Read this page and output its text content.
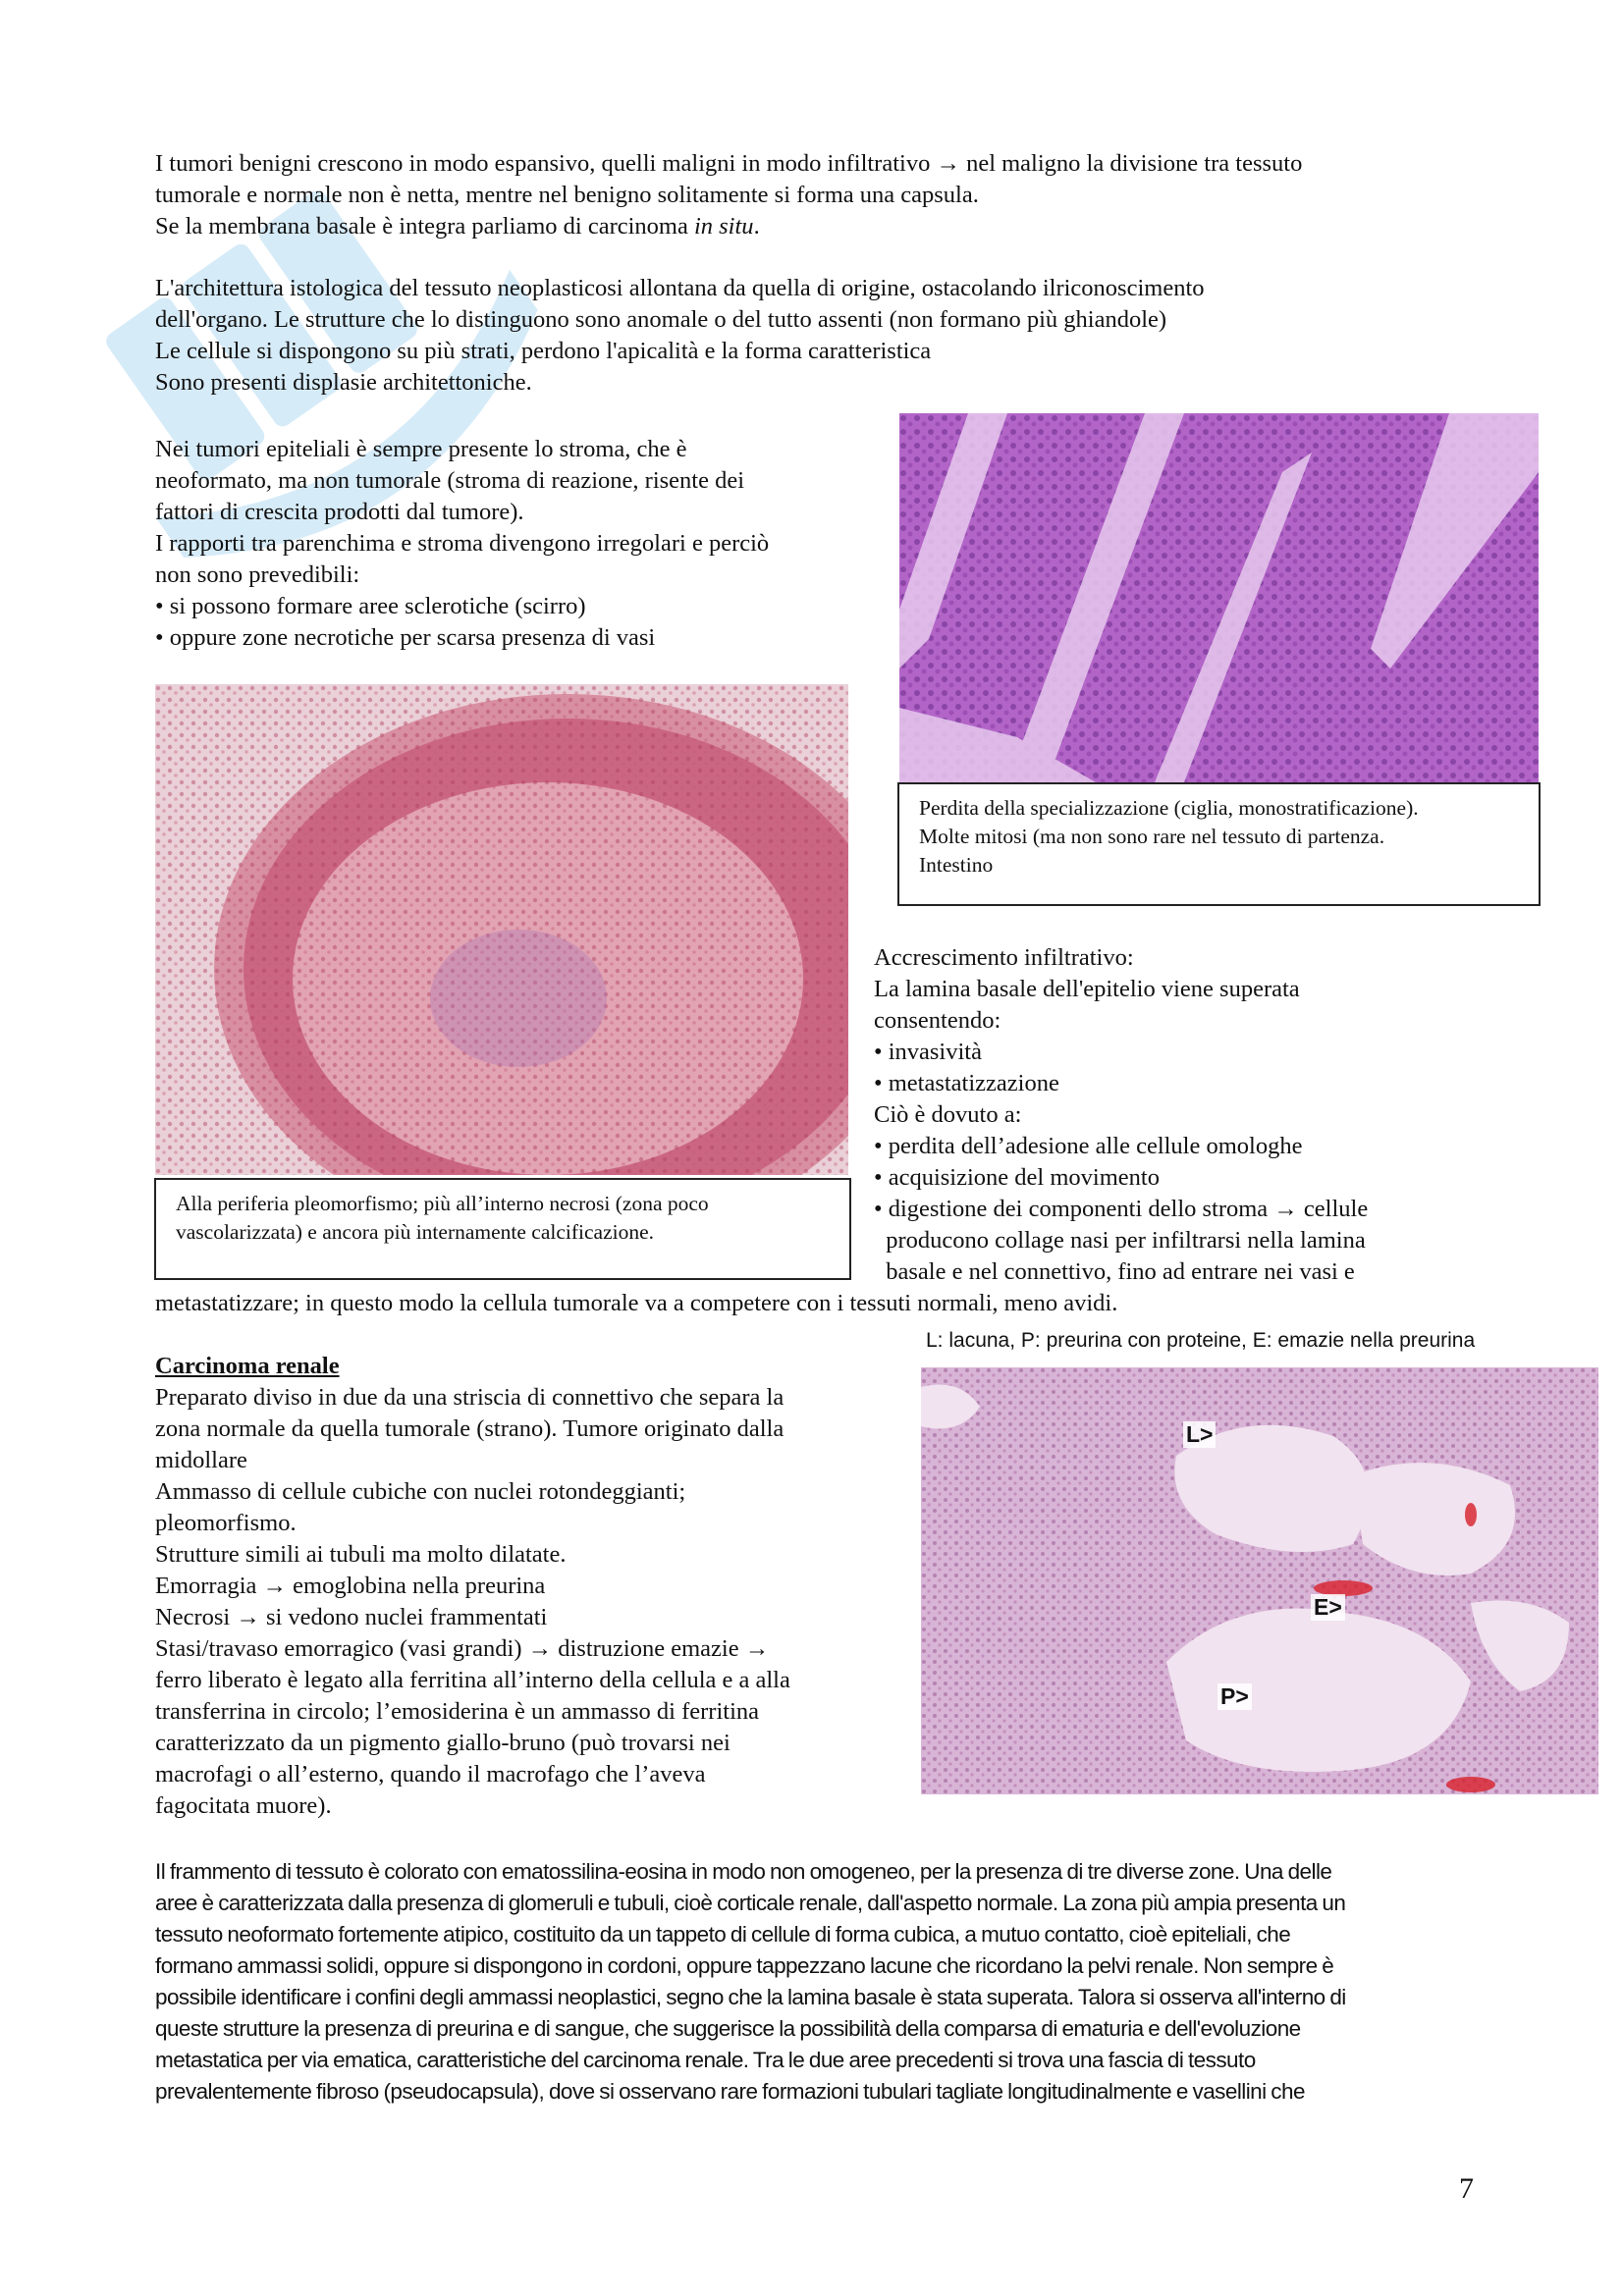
I tumori benigni crescono in modo espansivo, quelli maligni in modo infiltrativo → nel maligno la divisione tra tessuto

tumorale e normale non è netta, mentre nel benigno solitamente si forma una capsula.

Se la membrana basale è integra parliamo di carcinoma in situ.

L'architettura istologica del tessuto neoplasticosi allontana da quella di origine, ostacolando ilriconoscimento

dell'organo. Le strutture che lo distinguono sono anomale o del tutto assenti (non formano più ghiandole)

Le cellule si dispongono su più strati, perdono l'apicalità e la forma caratteristica

Sono presenti displasie architettoniche.

Nei tumori epiteliali è sempre presente lo stroma, che è

neoformato, ma non tumorale (stroma di reazione, risente dei

fattori di crescita prodotti dal tumore).

I rapporti tra parenchima e stroma divengono irregolari e perciò

non sono prevedibili:

• si possono formare aree sclerotiche (scirro)

• oppure zone necrotiche per scarsa presenza di vasi

Perdita della specializzazione (ciglia, monostratificazione).

Molte mitosi (ma non sono rare nel tessuto di partenza.

Intestino

Alla periferia pleomorfismo; più all’interno necrosi (zona poco

vascolarizzata) e ancora più internamente calcificazione.

Accrescimento infiltrativo:

La lamina basale dell'epitelio viene superata

consentendo:

• invasività

• metastatizzazione

Ciò è dovuto a:

• perdita dell’adesione alle cellule omologhe

• acquisizione del movimento

• digestione dei componenti dello stroma → cellule

producono collage nasi per infiltrarsi nella lamina

basale e nel connettivo, fino ad entrare nei vasi e

metastatizzare; in questo modo la cellula tumorale va a competere con i tessuti normali, meno avidi.

Carcinoma renale

Preparato diviso in due da una striscia di connettivo che separa la

zona normale da quella tumorale (strano). Tumore originato dalla

midollare

Ammasso di cellule cubiche con nuclei rotondeggianti;

pleomorfismo.

Strutture simili ai tubuli ma molto dilatate.

Emorragia → emoglobina nella preurina

Necrosi → si vedono nuclei frammentati

Stasi/travaso emorragico (vasi grandi) → distruzione emazie →

ferro liberato è legato alla ferritina all’interno della cellula e a alla

transferrina in circolo; l’emosiderina è un ammasso di ferritina

caratterizzato da un pigmento giallo-bruno (può trovarsi nei

macrofagi o all’esterno, quando il macrofago che l’aveva

fagocitata muore).

L: lacuna, P: preurina con proteine, E: emazie nella preurina
L>
E>
P>

Il frammento di tessuto è colorato con ematossilina-eosina in modo non omogeneo, per la presenza di tre diverse zone. Una delle

aree è caratterizzata dalla presenza di glomeruli e tubuli, cioè corticale renale, dall'aspetto normale. La zona più ampia presenta un

tessuto neoformato fortemente atipico, costituito da un tappeto di cellule di forma cubica, a mutuo contatto, cioè epiteliali, che

formano ammassi solidi, oppure si dispongono in cordoni, oppure tappezzano lacune che ricordano la pelvi renale. Non sempre è

possibile identificare i confini degli ammassi neoplastici, segno che la lamina basale è stata superata. Talora si osserva all'interno di

queste strutture la presenza di preurina e di sangue, che suggerisce la possibilità della comparsa di ematuria e dell'evoluzione

metastatica per via ematica, caratteristiche del carcinoma renale. Tra le due aree precedenti si trova una fascia di tessuto

prevalentemente fibroso (pseudocapsula), dove si osservano rare formazioni tubulari tagliate longitudinalmente e vasellini che

7
